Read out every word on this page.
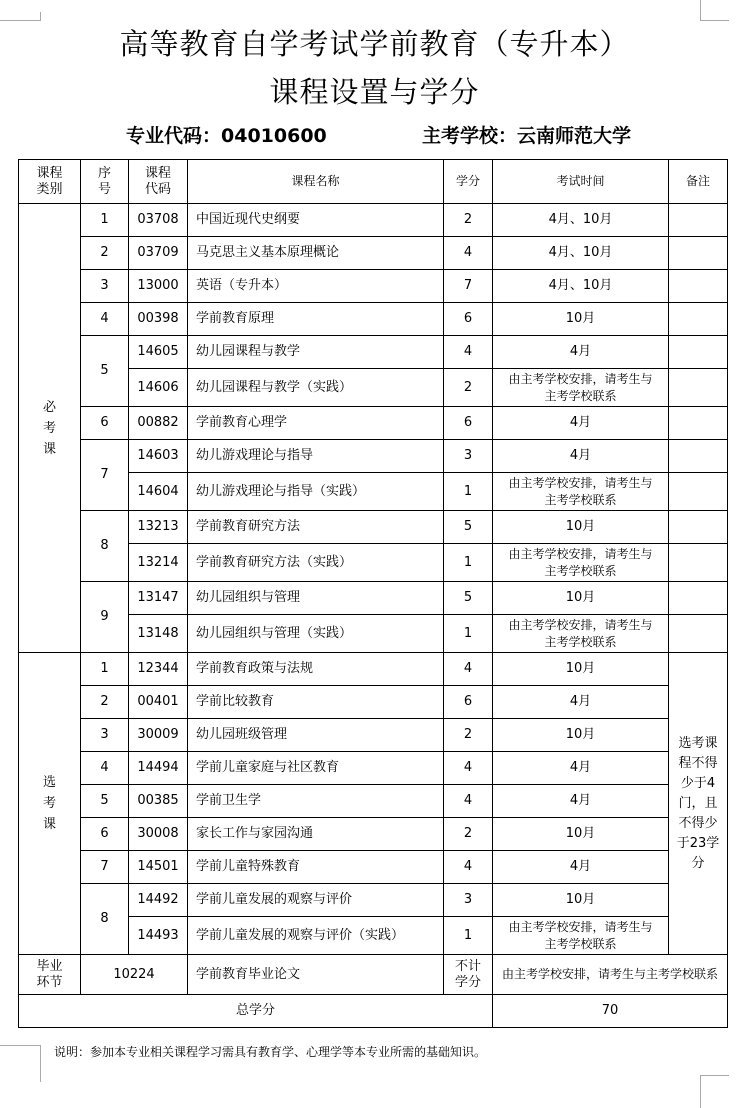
高等教育自学考试学前教育（专升本）
课程设置与学分
专业代码：04010600	主考学校：云南师范大学
课程类别	序号	课程代码	课程名称	学分	考试时间	备注
必考课	1	03708	中国近现代史纲要	2	4月、10月	
	2	03709	马克思主义基本原理概论	4	4月、10月	
	3	13000	英语（专升本）	7	4月、10月	
	4	00398	学前教育原理	6	10月	
	5	14605	幼儿园课程与教学	4	4月	
		14606	幼儿园课程与教学（实践）	2	由主考学校安排，请考生与主考学校联系	
	6	00882	学前教育心理学	6	4月	
	7	14603	幼儿游戏理论与指导	3	4月	
		14604	幼儿游戏理论与指导（实践）	1	由主考学校安排，请考生与主考学校联系	
	8	13213	学前教育研究方法	5	10月	
		13214	学前教育研究方法（实践）	1	由主考学校安排，请考生与主考学校联系	
	9	13147	幼儿园组织与管理	5	10月	
		13148	幼儿园组织与管理（实践）	1	由主考学校安排，请考生与主考学校联系	
选考课	1	12344	学前教育政策与法规	4	10月	选考课程不得少于4门，且不得少于23学分
	2	00401	学前比较教育	6	4月	
	3	30009	幼儿园班级管理	2	10月	
	4	14494	学前儿童家庭与社区教育	4	4月	
	5	00385	学前卫生学	4	4月	
	6	30008	家长工作与家园沟通	2	10月	
	7	14501	学前儿童特殊教育	4	4月	
	8	14492	学前儿童发展的观察与评价	3	10月	
		14493	学前儿童发展的观察与评价（实践）	1	由主考学校安排，请考生与主考学校联系	
毕业环节	10224		学前教育毕业论文	不计学分	由主考学校安排，请考生与主考学校联系	
总学分					70	
说明：参加本专业相关课程学习需具有教育学、心理学等本专业所需的基础知识。
